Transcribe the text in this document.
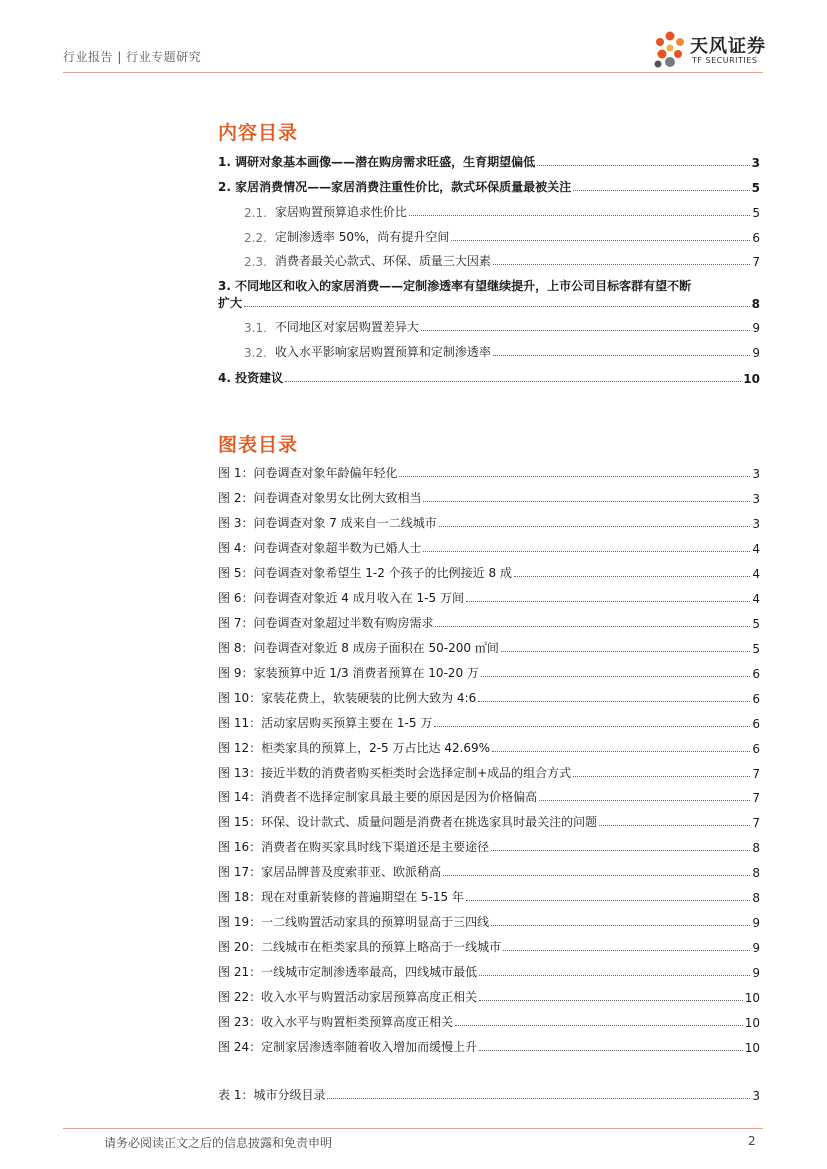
行业报告 | 行业专题研究	天风证券
TF SECURITIES
内容目录
1. 调研对象基本画像——潜在购房需求旺盛，生育期望偏低	3
2. 家居消费情况——家居消费注重性价比，款式环保质量最被关注	5
2.1. 家居购置预算追求性价比	5
2.2. 定制渗透率 50%，尚有提升空间	6
2.3. 消费者最关心款式、环保、质量三大因素	7
3. 不同地区和收入的家居消费——定制渗透率有望继续提升，上市公司目标客群有望不断
扩大	8
3.1. 不同地区对家居购置差异大	9
3.2. 收入水平影响家居购置预算和定制渗透率	9
4. 投资建议	10
图表目录
图 1：问卷调查对象年龄偏年轻化	3
图 2：问卷调查对象男女比例大致相当	3
图 3：问卷调查对象 7 成来自一二线城市	3
图 4：问卷调查对象超半数为已婚人士	4
图 5：问卷调查对象希望生 1-2 个孩子的比例接近 8 成	4
图 6：问卷调查对象近 4 成月收入在 1-5 万间	4
图 7：问卷调查对象超过半数有购房需求	5
图 8：问卷调查对象近 8 成房子面积在 50-200 ㎡间	5
图 9：家装预算中近 1/3 消费者预算在 10-20 万	6
图 10：家装花费上，软装硬装的比例大致为 4:6	6
图 11：活动家居购买预算主要在 1-5 万	6
图 12：柜类家具的预算上，2-5 万占比达 42.69%	6
图 13：接近半数的消费者购买柜类时会选择定制+成品的组合方式	7
图 14：消费者不选择定制家具最主要的原因是因为价格偏高	7
图 15：环保、设计款式、质量问题是消费者在挑选家具时最关注的问题	7
图 16：消费者在购买家具时线下渠道还是主要途径	8
图 17：家居品牌普及度索菲亚、欧派稍高	8
图 18：现在对重新装修的普遍期望在 5-15 年	8
图 19：一二线购置活动家具的预算明显高于三四线	9
图 20：二线城市在柜类家具的预算上略高于一线城市	9
图 21：一线城市定制渗透率最高，四线城市最低	9
图 22：收入水平与购置活动家居预算高度正相关	10
图 23：收入水平与购置柜类预算高度正相关	10
图 24：定制家居渗透率随着收入增加而缓慢上升	10
表 1：城市分级目录	3
请务必阅读正文之后的信息披露和免责申明	2
